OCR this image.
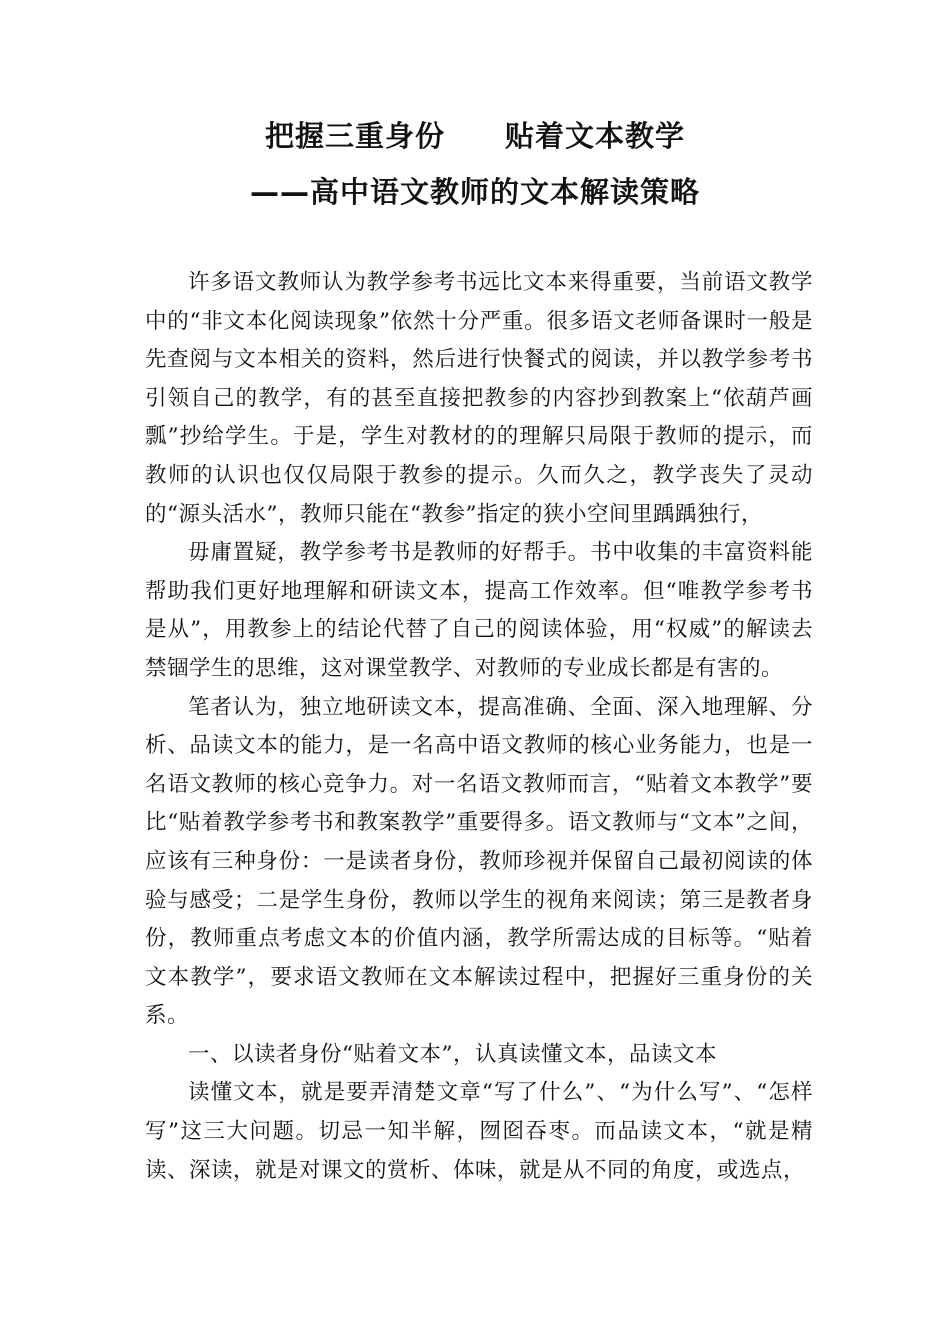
把握三重身份　　贴着文本教学
——高中语文教师的文本解读策略

许多语文教师认为教学参考书远比文本来得重要，当前语文教学中的“非文本化阅读现象”依然十分严重。很多语文老师备课时一般是先查阅与文本相关的资料，然后进行快餐式的阅读，并以教学参考书引领自己的教学，有的甚至直接把教参的内容抄到教案上“依葫芦画瓢”抄给学生。于是，学生对教材的的理解只局限于教师的提示，而教师的认识也仅仅局限于教参的提示。久而久之，教学丧失了灵动的“源头活水”，教师只能在“教参”指定的狭小空间里踽踽独行，

毋庸置疑，教学参考书是教师的好帮手。书中收集的丰富资料能帮助我们更好地理解和研读文本，提高工作效率。但“唯教学参考书是从”，用教参上的结论代替了自己的阅读体验，用“权威”的解读去禁锢学生的思维，这对课堂教学、对教师的专业成长都是有害的。

笔者认为，独立地研读文本，提高准确、全面、深入地理解、分析、品读文本的能力，是一名高中语文教师的核心业务能力，也是一名语文教师的核心竞争力。对一名语文教师而言，“贴着文本教学”要比“贴着教学参考书和教案教学”重要得多。语文教师与“文本”之间，应该有三种身份：一是读者身份，教师珍视并保留自己最初阅读的体验与感受；二是学生身份，教师以学生的视角来阅读；第三是教者身份，教师重点考虑文本的价值内涵，教学所需达成的目标等。“贴着文本教学”，要求语文教师在文本解读过程中，把握好三重身份的关系。

一、以读者身份“贴着文本”，认真读懂文本，品读文本

读懂文本，就是要弄清楚文章“写了什么”、“为什么写”、“怎样写”这三大问题。切忌一知半解，囫囵吞枣。而品读文本，“就是精读、深读，就是对课文的赏析、体味，就是从不同的角度，或选点，
